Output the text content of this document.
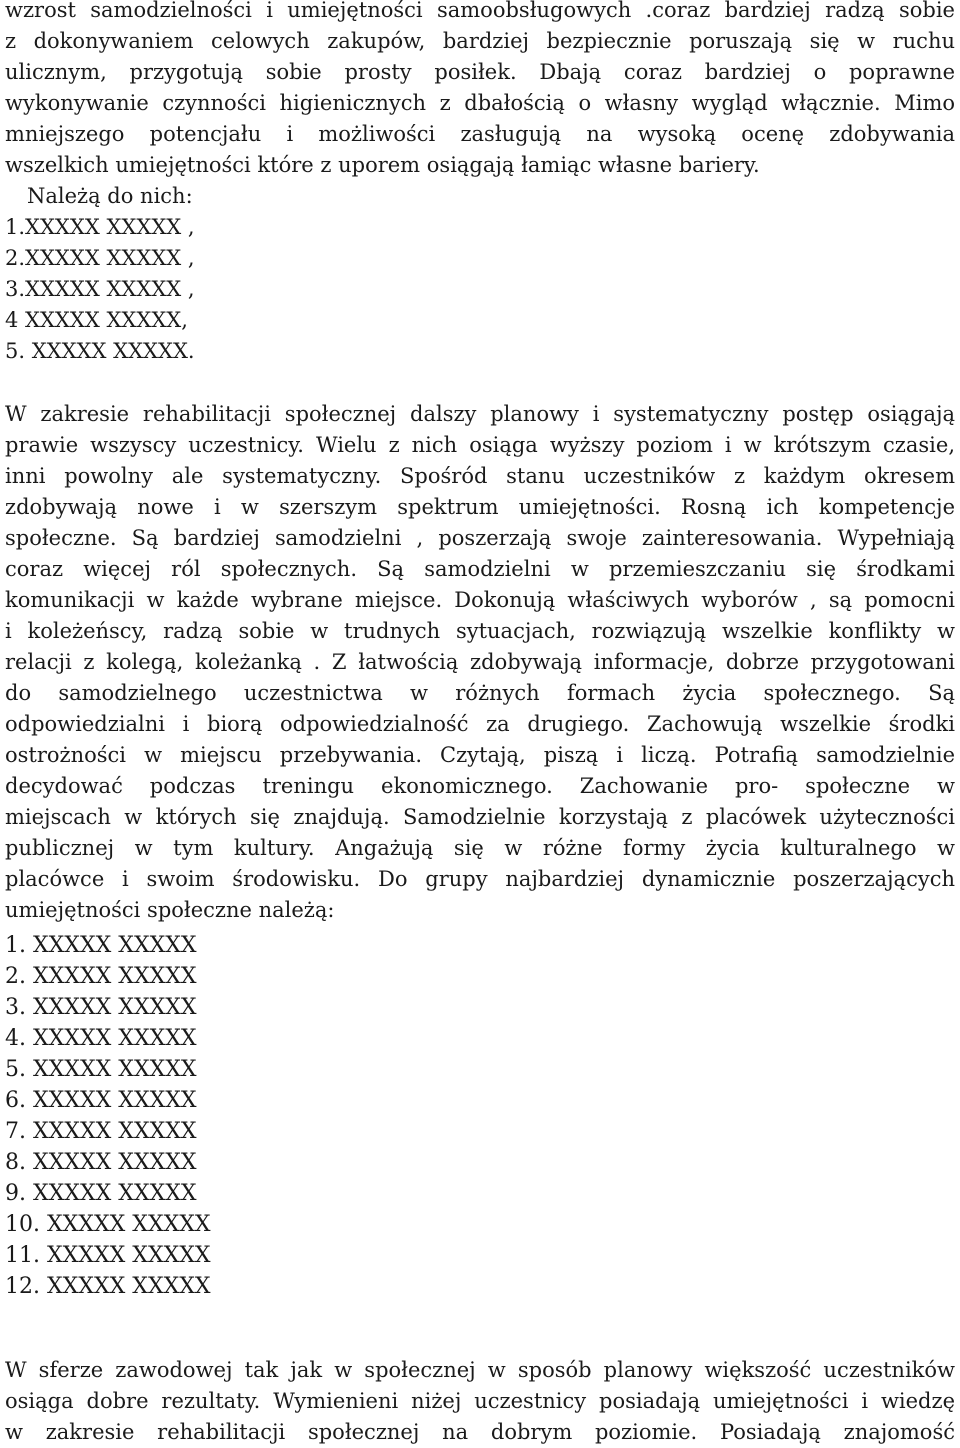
wzrost samodzielności i umiejętności samoobsługowych .coraz bardziej radzą sobie
z dokonywaniem celowych zakupów, bardziej bezpiecznie poruszają się w ruchu
ulicznym, przygotują sobie prosty posiłek. Dbają coraz bardziej o poprawne
wykonywanie czynności higienicznych z dbałością o własny wygląd włącznie. Mimo
mniejszego potencjału i możliwości zasługują na wysoką ocenę zdobywania
wszelkich umiejętności które z uporem osiągają łamiąc własne bariery.
Należą do nich:
1.XXXXX XXXXX ,
2.XXXXX XXXXX ,
3.XXXXX XXXXX ,
4 XXXXX XXXXX,
5. XXXXX XXXXX.
W zakresie rehabilitacji społecznej dalszy planowy i systematyczny postęp osiągają
prawie wszyscy uczestnicy. Wielu z nich osiąga wyższy poziom i w krótszym czasie,
inni powolny ale systematyczny. Spośród stanu uczestników z każdym okresem
zdobywają nowe i w szerszym spektrum umiejętności. Rosną ich kompetencje
społeczne. Są bardziej samodzielni , poszerzają swoje zainteresowania. Wypełniają
coraz więcej ról społecznych. Są samodzielni w przemieszczaniu się środkami
komunikacji w każde wybrane miejsce. Dokonują właściwych wyborów , są pomocni
i koleżeńscy, radzą sobie w trudnych sytuacjach, rozwiązują wszelkie konflikty w
relacji z kolegą, koleżanką . Z łatwością zdobywają informacje, dobrze przygotowani
do samodzielnego uczestnictwa w różnych formach życia społecznego. Są
odpowiedzialni i biorą odpowiedzialność za drugiego. Zachowują wszelkie środki
ostrożności w miejscu przebywania. Czytają, piszą i liczą. Potrafią samodzielnie
decydować podczas treningu ekonomicznego. Zachowanie pro- społeczne w
miejscach w których się znajdują. Samodzielnie korzystają z placówek użyteczności
publicznej w tym kultury. Angażują się w różne formy życia kulturalnego w
placówce i swoim środowisku. Do grupy najbardziej dynamicznie poszerzających
umiejętności społeczne należą:
1. XXXXX XXXXX
2. XXXXX XXXXX
3. XXXXX XXXXX
4. XXXXX XXXXX
5. XXXXX XXXXX
6. XXXXX XXXXX
7. XXXXX XXXXX
8. XXXXX XXXXX
9. XXXXX XXXXX
10. XXXXX XXXXX
11. XXXXX XXXXX
12. XXXXX XXXXX
W sferze zawodowej tak jak w społecznej w sposób planowy większość uczestników
osiąga dobre rezultaty. Wymienieni niżej uczestnicy posiadają umiejętności i wiedzę
w zakresie rehabilitacji społecznej na dobrym poziomie. Posiadają znajomość
